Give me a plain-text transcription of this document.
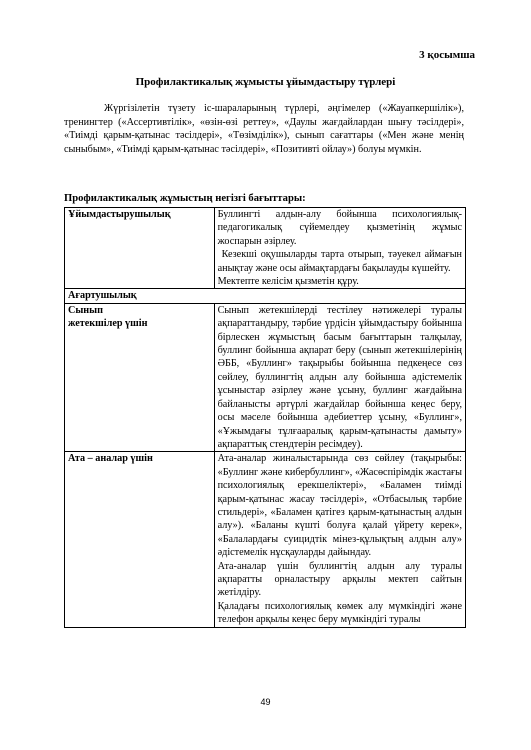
3 қосымша
Профилактикалық жұмысты ұйымдастыру түрлері
Жүргізілетін түзету іс-шараларының түрлері, әңгімелер («Жауапкершілік»), тренингтер («Ассертивтілік», «өзін-өзі реттеу», «Даулы жағдайлардан шығу тәсілдері», «Тиімді қарым-қатынас тәсілдері», «Төзімділік»), сынып сағаттары («Мен және менің сыныбым», «Тиімді қарым-қатынас тәсілдері», «Позитивті ойлау») болуы мүмкін.
Профилактикалық жұмыстың негізгі бағыттары:
Ұйымдастырушылық	Буллингті алдын-алу бойынша психологиялық-педагогикалық сүйемелдеу қызметінің жұмыс жоспарын әзірлеу.
Кезекші оқушыларды тарта отырып, тәуекел аймағын анықтау және осы аймақтардағы бақылауды күшейту.
Мектепте келісім қызметін құру.

Ағартушылық	

Сынып жетекшілер үшін	Сынып жетекшілерді тестілеу нәтижелері туралы ақпараттандыру, тәрбие үрдісін ұйымдастыру бойынша бірлескен жұмыстың басым бағыттарын талқылау, буллинг бойынша ақпарат беру (сынып жетекшілерінің ӘББ, «Буллинг» тақырыбы бойынша педкеңесе сөз сөйлеу, буллингтің алдын алу бойынша әдістемелік ұсыныстар әзірлеу және ұсыну, буллинг жағдайына байланысты әртүрлі жағдайлар бойынша кеңес беру, осы мәселе бойынша әдебиеттер ұсыну, «Буллинг», «Ұжымдағы тұлғааралық қарым-қатынасты дамыту» ақпараттық стендтерін ресімдеу).

Ата – аналар үшін	Ата-аналар жиналыстарында сөз сөйлеу (тақырыбы: «Буллинг және кибербуллинг», «Жасөспірімдік жастағы психологиялық ерекшеліктері», «Баламен тиімді қарым-қатынас жасау тәсілдері», «Отбасылық тәрбие стильдері», «Баламен қатігез қарым-қатынастың алдын алу»). «Баланы күшті болуға қалай үйрету керек», «Балалардағы суицидтік мінез-құлықтың алдын алу» әдістемелік нұсқауларды дайындау.
Ата-аналар үшін буллингтің алдын алу туралы ақпаратты орналастыру арқылы мектеп сайтын жетілдіру.
Қаладағы психологиялық көмек алу мүмкіндігі және телефон арқылы кеңес беру мүмкіндігі туралы
49
